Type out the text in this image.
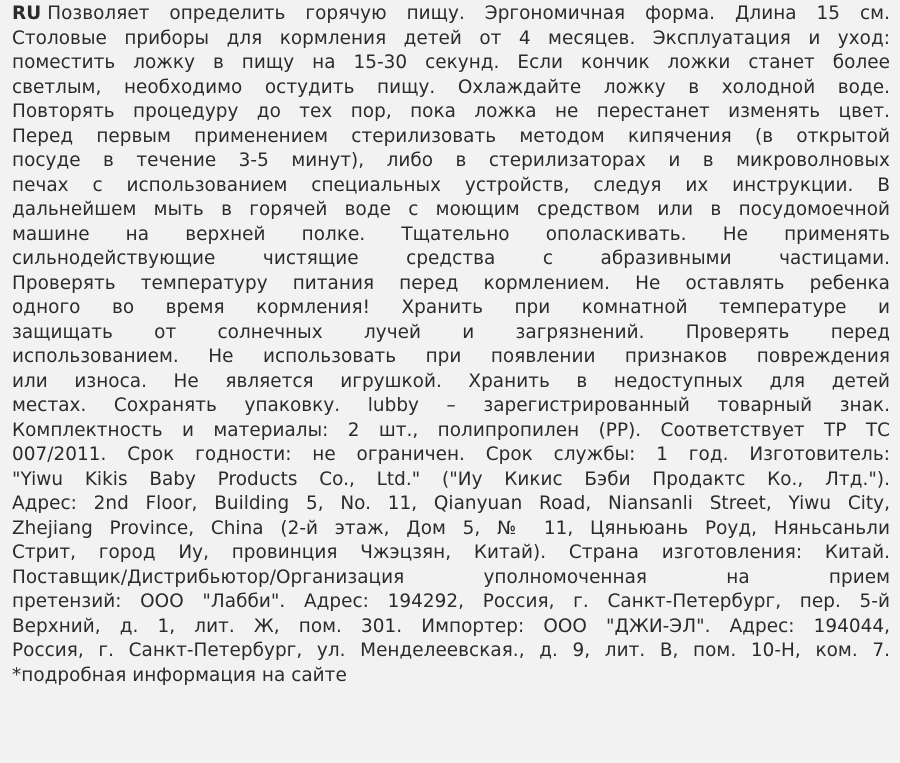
RU Позволяет определить горячую пищу. Эргономичная форма. Длина 15 см.
Столовые приборы для кормления детей от 4 месяцев. Эксплуатация и уход:
поместить ложку в пищу на 15-30 секунд. Если кончик ложки станет более
светлым, необходимо остудить пищу. Охлаждайте ложку в холодной воде.
Повторять процедуру до тех пор, пока ложка не перестанет изменять цвет.
Перед первым применением стерилизовать методом кипячения (в открытой
посуде в течение 3-5 минут), либо в стерилизаторах и в микроволновых
печах с использованием специальных устройств, следуя их инструкции. В
дальнейшем мыть в горячей воде с моющим средством или в посудомоечной
машине на верхней полке. Тщательно ополаскивать. Не применять
сильнодействующие чистящие средства с абразивными частицами.
Проверять температуру питания перед кормлением. Не оставлять ребенка
одного во время кормления! Хранить при комнатной температуре и
защищать от солнечных лучей и загрязнений. Проверять перед
использованием. Не использовать при появлении признаков повреждения
или износа. Не является игрушкой. Хранить в недоступных для детей
местах. Сохранять упаковку. lubby – зарегистрированный товарный знак.
Комплектность и материалы: 2 шт., полипропилен (PP). Соответствует ТР ТС
007/2011. Срок годности: не ограничен. Срок службы: 1 год. Изготовитель:
"Yiwu Kikis Baby Products Co., Ltd." ("Иу Кикис Бэби Продактс Ко., Лтд.").
Адрес: 2nd Floor, Building 5, No. 11, Qianyuan Road, Niansanli Street, Yiwu City,
Zhejiang Province, China (2-й этаж, Дом 5, № 11, Цяньюань Роуд, Няньсаньли
Стрит, город Иу, провинция Чжэцзян, Китай). Страна изготовления: Китай.
Поставщик/Дистрибьютор/Организация уполномоченная на прием
претензий: ООО "Лабби". Адрес: 194292, Россия, г. Санкт-Петербург, пер. 5-й
Верхний, д. 1, лит. Ж, пом. 301. Импортер: ООО "ДЖИ-ЭЛ". Адрес: 194044,
Россия, г. Санкт-Петербург, ул. Менделеевская., д. 9, лит. В, пом. 10-Н, ком. 7.
*подробная информация на сайте
